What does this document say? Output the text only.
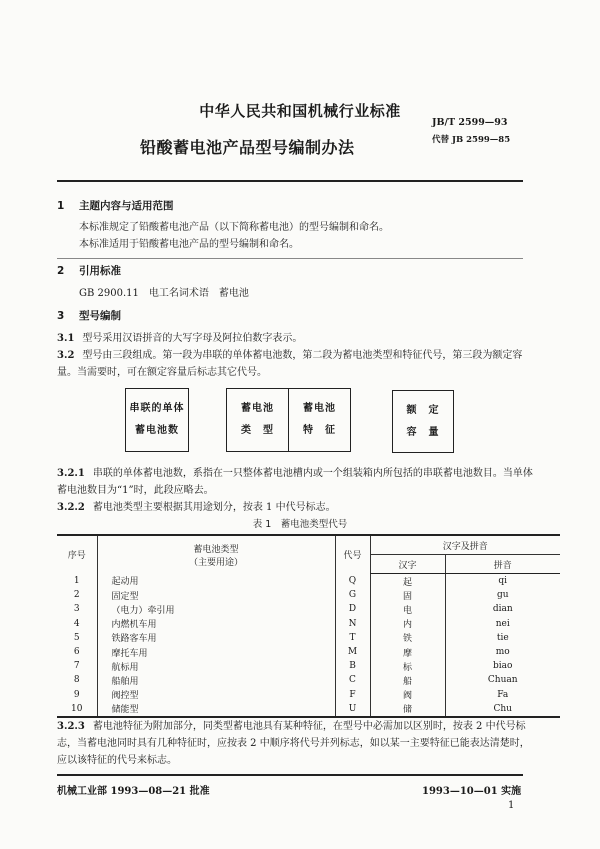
中华人民共和国机械行业标准
JB/T 2599—93
代替 JB 2599—85
铅酸蓄电池产品型号编制办法
1 主题内容与适用范围
本标准规定了铅酸蓄电池产品（以下简称蓄电池）的型号编制和命名。
本标准适用于铅酸蓄电池产品的型号编制和命名。
2 引用标准
GB 2900.11　电工名词术语　蓄电池
3 型号编制
3.1 型号采用汉语拼音的大写字母及阿拉伯数字表示。
3.2 型号由三段组成。第一段为串联的单体蓄电池数，第二段为蓄电池类型和特征代号，第三段为额定容量。当需要时，可在额定容量后标志其它代号。
串联的单体
蓄电池数
蓄电池
类　型
蓄电池
特　征
额　定
容　量
3.2.1 串联的单体蓄电池数，系指在一只整体蓄电池槽内或一个组装箱内所包括的串联蓄电池数目。当单体蓄电池数目为“1”时，此段应略去。
3.2.2 蓄电池类型主要根据其用途划分，按表 1 中代号标志。
表 1　蓄电池类型代号
序号	蓄电池类型
（主要用途）	代号	汉字及拼音	
			汉字	拼音
1	起动用	Q	起	qi
2	固定型	G	固	gu
3	（电力）牵引用	D	电	dian
4	内燃机车用	N	内	nei
5	铁路客车用	T	铁	tie
6	摩托车用	M	摩	mo
7	航标用	B	标	biao
8	船舶用	C	船	Chuan
9	阀控型	F	阀	Fa
10	储能型	U	储	Chu
3.2.3 蓄电池特征为附加部分，同类型蓄电池具有某种特征，在型号中必需加以区别时，按表 2 中代号标志，当蓄电池同时具有几种特征时，应按表 2 中顺序将代号并列标志，如以某一主要特征已能表达清楚时，应以该特征的代号来标志。
机械工业部 1993—08—21 批准	1993—10—01 实施
1
